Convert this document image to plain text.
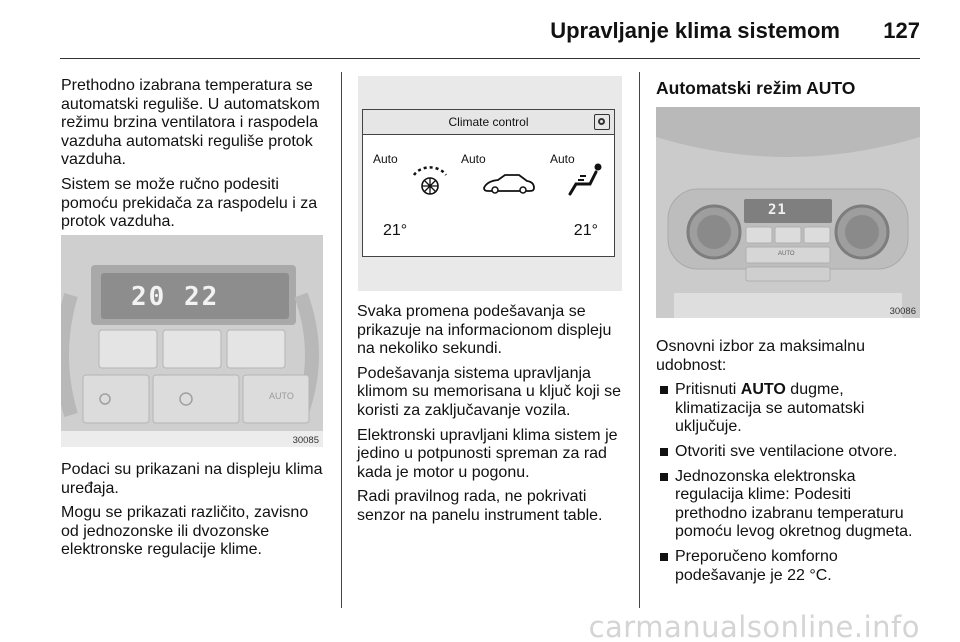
Upravljanje klima sistemom 127

Prethodno izabrana temperatura se automatski reguliše. U automatskom režimu brzina ventilatora i raspodela vazduha automatski reguliše protok vazduha.

Sistem se može ručno podesiti pomoću prekidača za raspodelu i za protok vazduha.

20 22
AUTO
30085

Podaci su prikazani na displeju klima uređaja.

Mogu se prikazati različito, zavisno od jednozonske ili dvozonske elektronske regulacije klime.

Climate control
Auto	Auto	Auto
21°	21°

Svaka promena podešavanja se prikazuje na informacionom displeju na nekoliko sekundi.

Podešavanja sistema upravljanja klimom su memorisana u ključ koji se koristi za zaključavanje vozila.

Elektronski upravljani klima sistem je jedino u potpunosti spreman za rad kada je motor u pogonu.

Radi pravilnog rada, ne pokrivati senzor na panelu instrument table.

Automatski režim AUTO
21
AUTO
30086

Osnovni izbor za maksimalnu udobnost:

Pritisnuti AUTO dugme, klimatizacija se automatski uključuje.
Otvoriti sve ventilacione otvore.
Jednozonska elektronska regulacija klime: Podesiti prethodno izabranu temperaturu pomoću levog okretnog dugmeta.
Preporučeno komforno podešavanje je 22 °C.
carmanualsonline.info
